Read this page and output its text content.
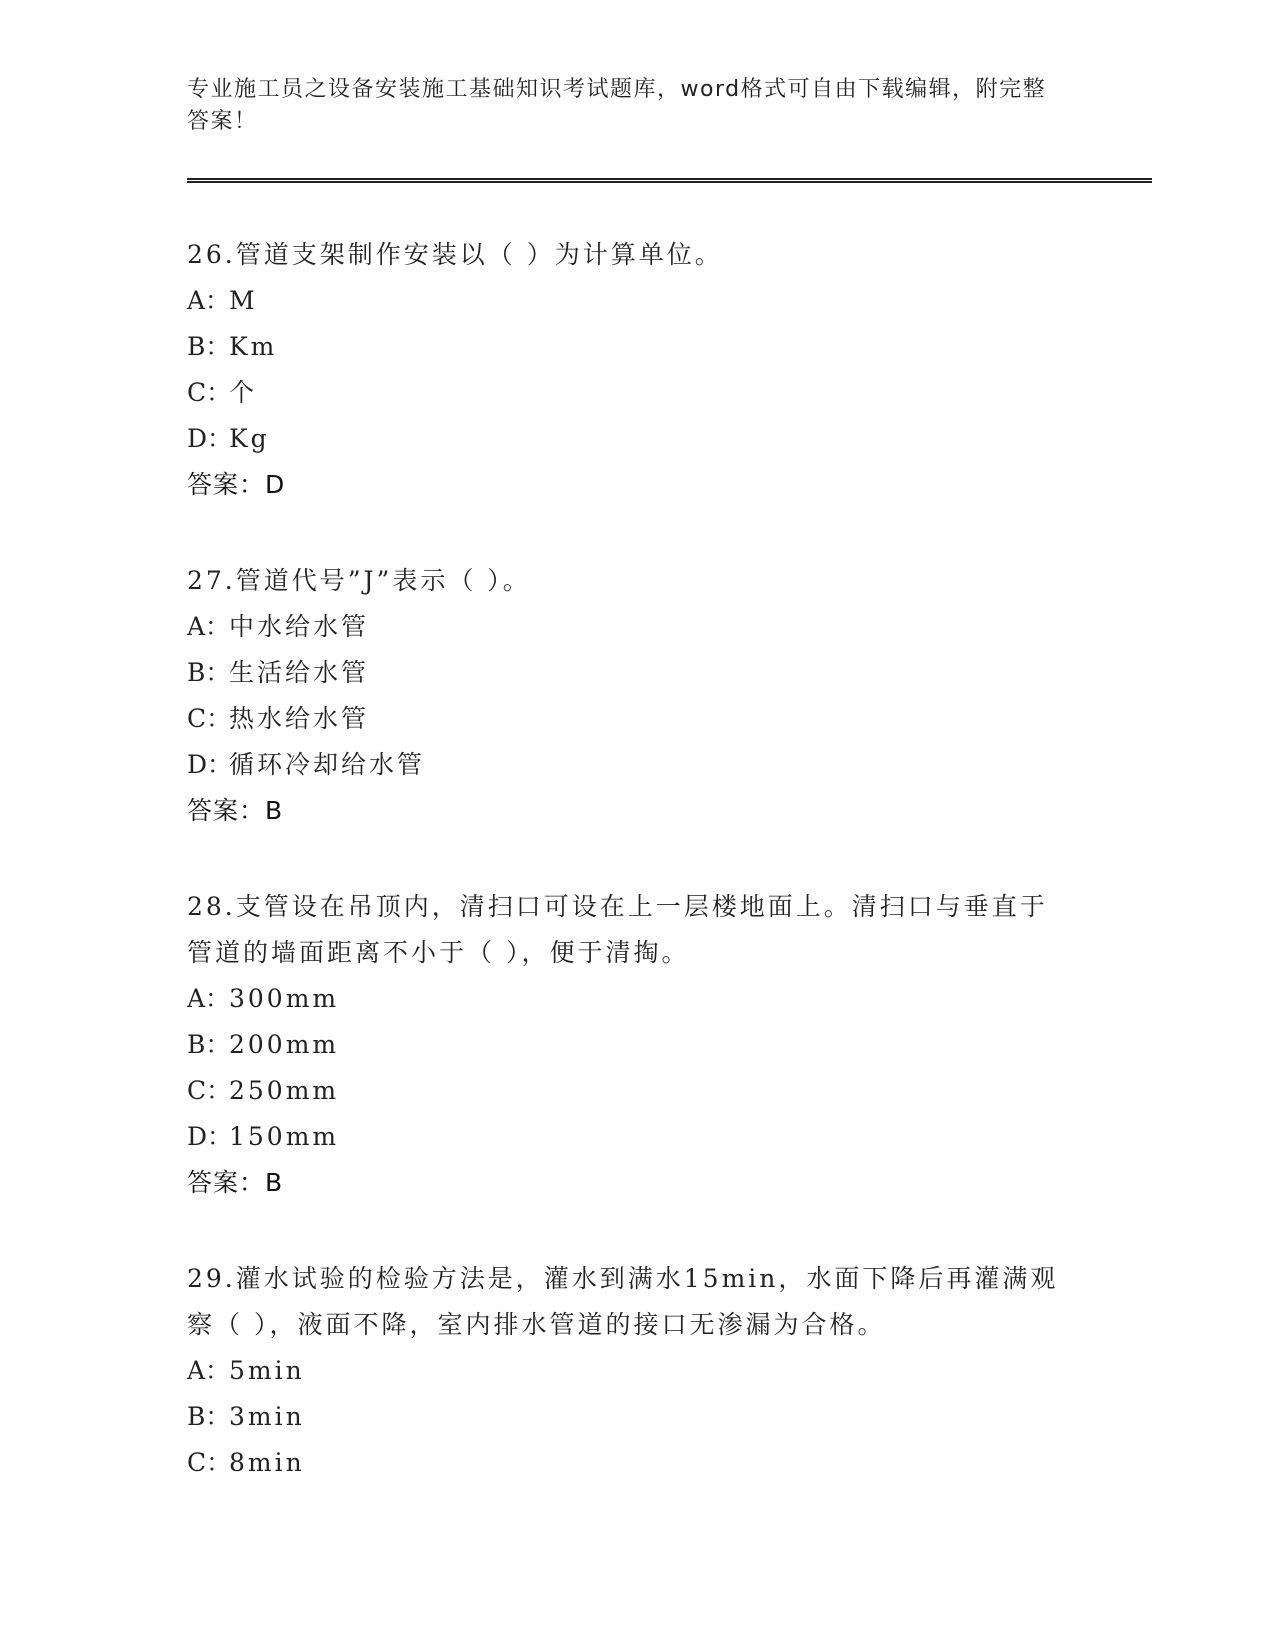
专业施工员之设备安装施工基础知识考试题库，word格式可自由下载编辑，附完整答案！
26.管道支架制作安装以（ ）为计算单位。
A：M
B：Km
C：个
D：Kg
答案：D
27.管道代号”J”表示（ ）。
A：中水给水管
B：生活给水管
C：热水给水管
D：循环冷却给水管
答案：B
28.支管设在吊顶内，清扫口可设在上一层楼地面上。清扫口与垂直于管道的墙面距离不小于（ ），便于清掏。
A：300mm
B：200mm
C：250mm
D：150mm
答案：B
29.灌水试验的检验方法是，灌水到满水15min，水面下降后再灌满观察（ ），液面不降，室内排水管道的接口无渗漏为合格。
A：5min
B：3min
C：8min
